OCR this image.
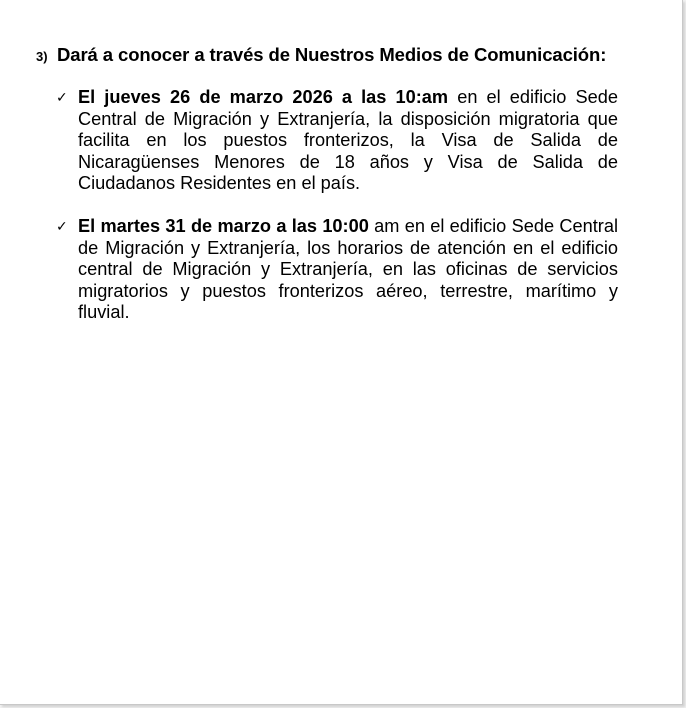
3) Dará a conocer a través de Nuestros Medios de Comunicación:
✓ El jueves 26 de marzo 2026 a las 10:am en el edificio Sede Central de Migración y Extranjería, la disposición migratoria que facilita en los puestos fronterizos, la Visa de Salida de Nicaragüenses Menores de 18 años y Visa de Salida de Ciudadanos Residentes en el país.
✓ El martes 31 de marzo a las 10:00 am en el edificio Sede Central de Migración y Extranjería, los horarios de atención en el edificio central de Migración y Extranjería, en las oficinas de servicios migratorios y puestos fronterizos aéreo, terrestre, marítimo y fluvial.
